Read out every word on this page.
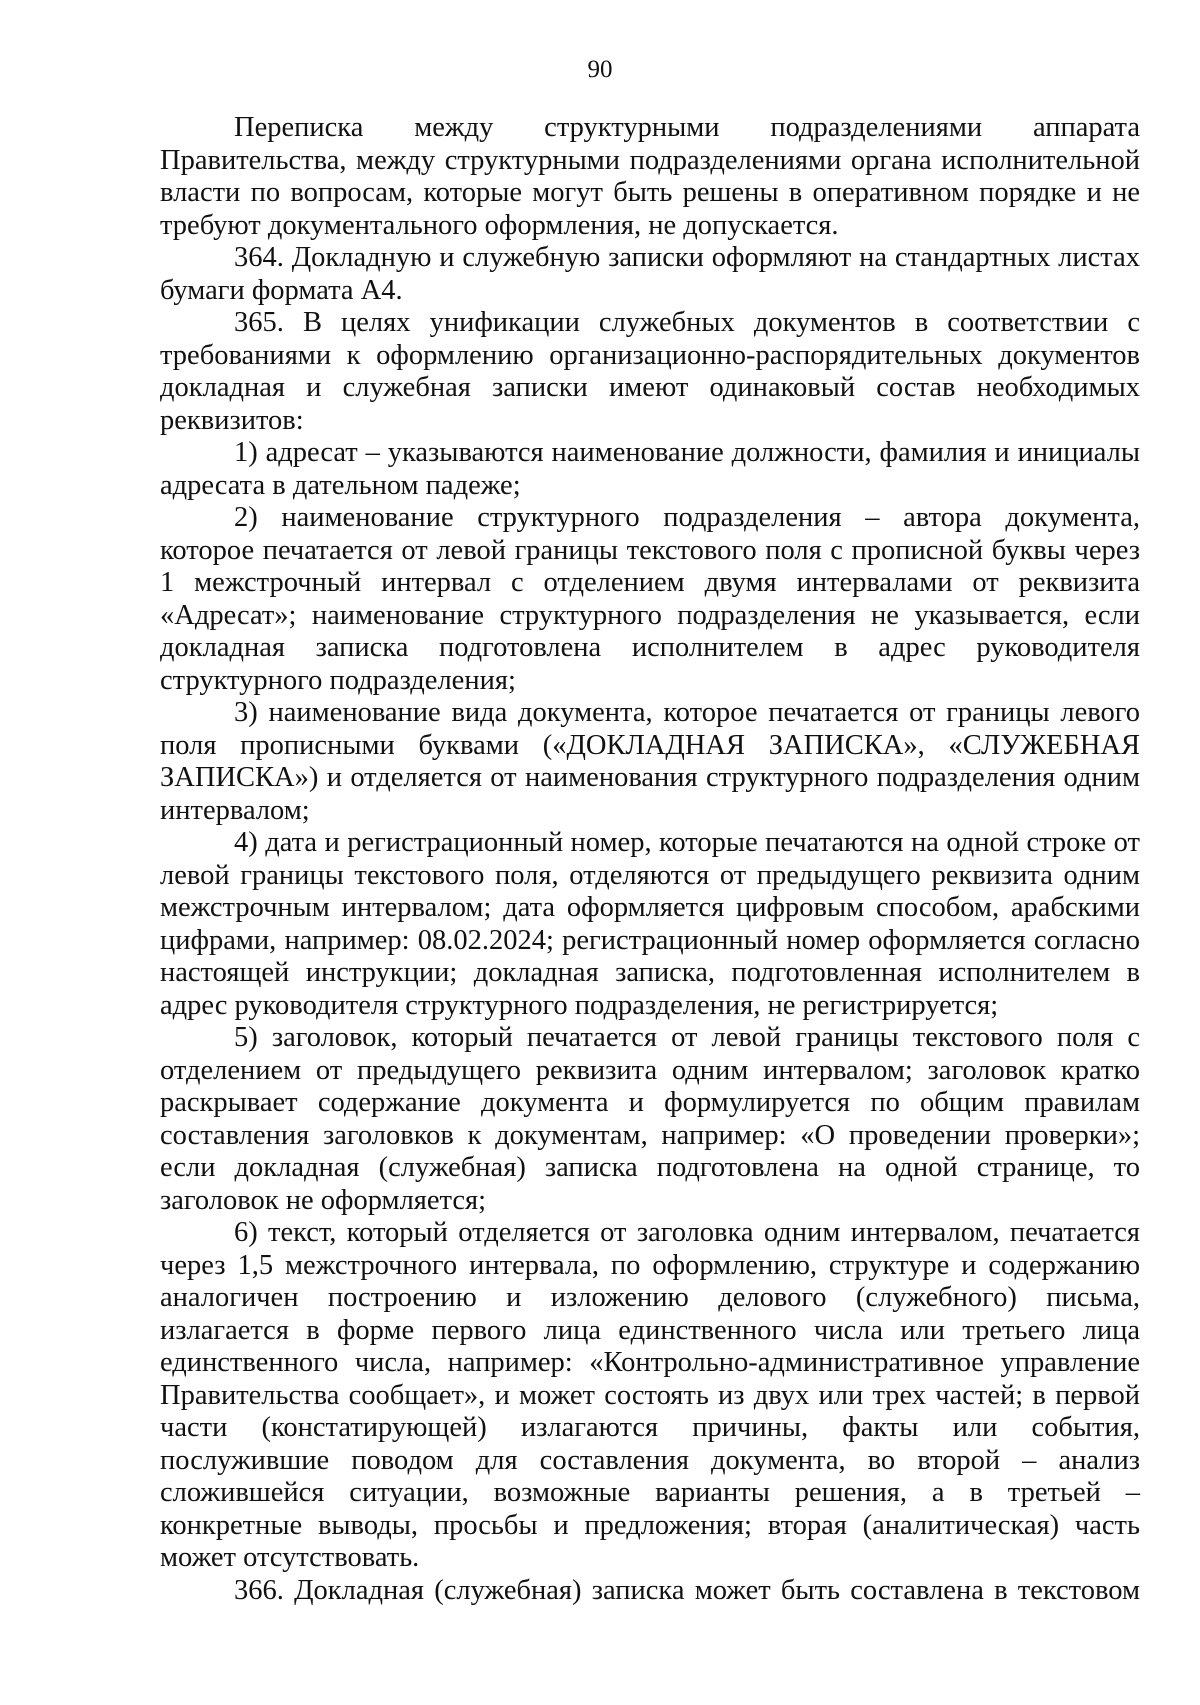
90

Переписка между структурными подразделениями аппарата Правительства, между структурными подразделениями органа исполнительной власти по вопросам, которые могут быть решены в оперативном порядке и не требуют документального оформления, не допускается.

364. Докладную и служебную записки оформляют на стандартных листах бумаги формата А4.

365. В целях унификации служебных документов в соответствии с требованиями к оформлению организационно-распорядительных документов докладная и служебная записки имеют одинаковый состав необходимых реквизитов:

1) адресат – указываются наименование должности, фамилия и инициалы адресата в дательном падеже;

2) наименование структурного подразделения – автора документа, которое печатается от левой границы текстового поля с прописной буквы через 1 межстрочный интервал с отделением двумя интервалами от реквизита «Адресат»; наименование структурного подразделения не указывается, если докладная записка подготовлена исполнителем в адрес руководителя структурного подразделения;

3) наименование вида документа, которое печатается от границы левого поля прописными буквами («ДОКЛАДНАЯ ЗАПИСКА», «СЛУЖЕБНАЯ ЗАПИСКА») и отделяется от наименования структурного подразделения одним интервалом;

4) дата и регистрационный номер, которые печатаются на одной строке от левой границы текстового поля, отделяются от предыдущего реквизита одним межстрочным интервалом; дата оформляется цифровым способом, арабскими цифрами, например: 08.02.2024; регистрационный номер оформляется согласно настоящей инструкции; докладная записка, подготовленная исполнителем в адрес руководителя структурного подразделения, не регистрируется;

5) заголовок, который печатается от левой границы текстового поля с отделением от предыдущего реквизита одним интервалом; заголовок кратко раскрывает содержание документа и формулируется по общим правилам составления заголовков к документам, например: «О проведении проверки»; если докладная (служебная) записка подготовлена на одной странице, то заголовок не оформляется;

6) текст, который отделяется от заголовка одним интервалом, печатается через 1,5 межстрочного интервала, по оформлению, структуре и содержанию аналогичен построению и изложению делового (служебного) письма, излагается в форме первого лица единственного числа или третьего лица единственного числа, например: «Контрольно-административное управление Правительства сообщает», и может состоять из двух или трех частей; в первой части (констатирующей) излагаются причины, факты или события, послужившие поводом для составления документа, во второй – анализ сложившейся ситуации, возможные варианты решения, а в третьей – конкретные выводы, просьбы и предложения; вторая (аналитическая) часть может отсутствовать.

366. Докладная (служебная) записка может быть составлена в текстовом
